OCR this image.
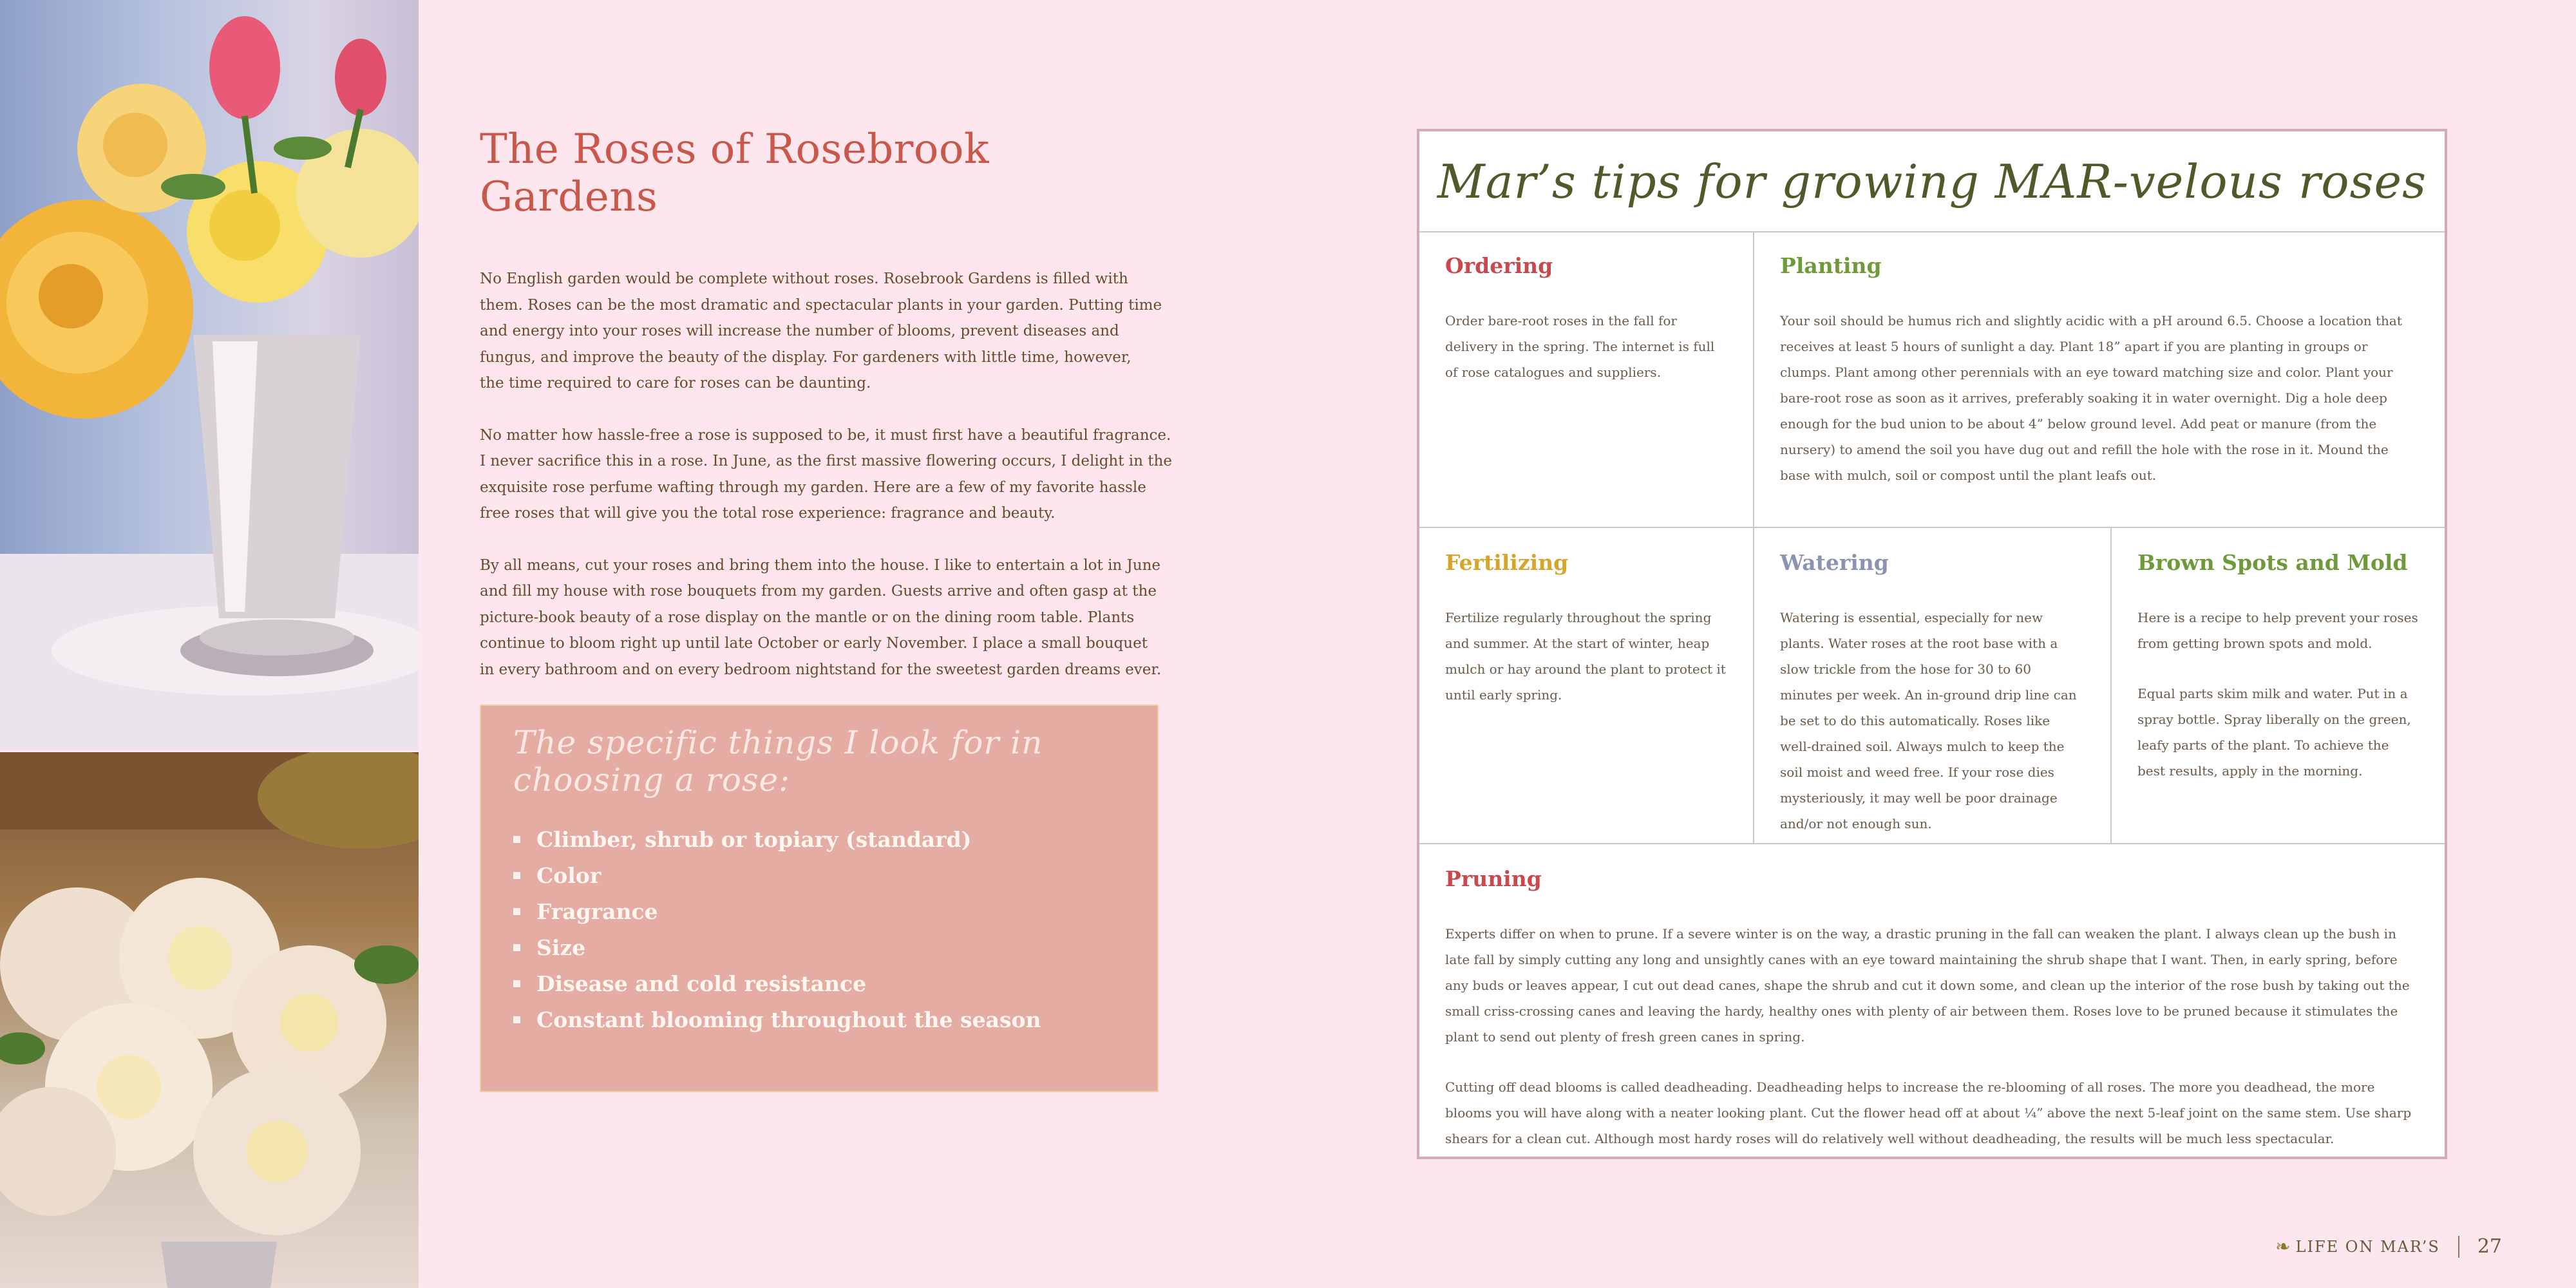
The Roses of Rosebrook Gardens

No English garden would be complete without roses. Rosebrook Gardens is filled with
them. Roses can be the most dramatic and spectacular plants in your garden. Putting time
and energy into your roses will increase the number of blooms, prevent diseases and
fungus, and improve the beauty of the display. For gardeners with little time, however,
the time required to care for roses can be daunting.

No matter how hassle-free a rose is supposed to be, it must first have a beautiful fragrance.
I never sacrifice this in a rose. In June, as the first massive flowering occurs, I delight in the
exquisite rose perfume wafting through my garden. Here are a few of my favorite hassle
free roses that will give you the total rose experience: fragrance and beauty.

By all means, cut your roses and bring them into the house. I like to entertain a lot in June
and fill my house with rose bouquets from my garden. Guests arrive and often gasp at the
picture-book beauty of a rose display on the mantle or on the dining room table. Plants
continue to bloom right up until late October or early November. I place a small bouquet
in every bathroom and on every bedroom nightstand for the sweetest garden dreams ever.

The specific things I look for in choosing a rose:
Climber, shrub or topiary (standard)
Color
Fragrance
Size
Disease and cold resistance
Constant blooming throughout the season
Mar’s tips for growing MAR-velous roses
Ordering

Order bare-root roses in the fall for delivery in the spring. The internet is full of rose catalogues and suppliers.

Planting

Your soil should be humus rich and slightly acidic with a pH around 6.5. Choose a location that receives at least 5 hours of sunlight a day. Plant 18” apart if you are planting in groups or clumps. Plant among other perennials with an eye toward matching size and color. Plant your bare-root rose as soon as it arrives, preferably soaking it in water overnight. Dig a hole deep enough for the bud union to be about 4” below ground level. Add peat or manure (from the nursery) to amend the soil you have dug out and refill the hole with the rose in it. Mound the base with mulch, soil or compost until the plant leafs out.

Fertilizing

Fertilize regularly throughout the spring and summer. At the start of winter, heap mulch or hay around the plant to protect it until early spring.

Watering

Watering is essential, especially for new plants. Water roses at the root base with a slow trickle from the hose for 30 to 60 minutes per week. An in-ground drip line can be set to do this automatically. Roses like well-drained soil. Always mulch to keep the soil moist and weed free. If your rose dies mysteriously, it may well be poor drainage and/or not enough sun.

Brown Spots and Mold

Here is a recipe to help prevent your roses from getting brown spots and mold.

Equal parts skim milk and water. Put in a spray bottle. Spray liberally on the green, leafy parts of the plant. To achieve the best results, apply in the morning.

Pruning

Experts differ on when to prune. If a severe winter is on the way, a drastic pruning in the fall can weaken the plant. I always clean up the bush in late fall by simply cutting any long and unsightly canes with an eye toward maintaining the shrub shape that I want. Then, in early spring, before any buds or leaves appear, I cut out dead canes, shape the shrub and cut it down some, and clean up the interior of the rose bush by taking out the small criss-crossing canes and leaving the hardy, healthy ones with plenty of air between them. Roses love to be pruned because it stimulates the plant to send out plenty of fresh green canes in spring.

Cutting off dead blooms is called deadheading. Deadheading helps to increase the re-blooming of all roses. The more you deadhead, the more blooms you will have along with a neater looking plant. Cut the flower head off at about ¼” above the next 5-leaf joint on the same stem. Use sharp shears for a clean cut. Although most hardy roses will do relatively well without deadheading, the results will be much less spectacular.

❧ LIFE ON MAR’S 27
